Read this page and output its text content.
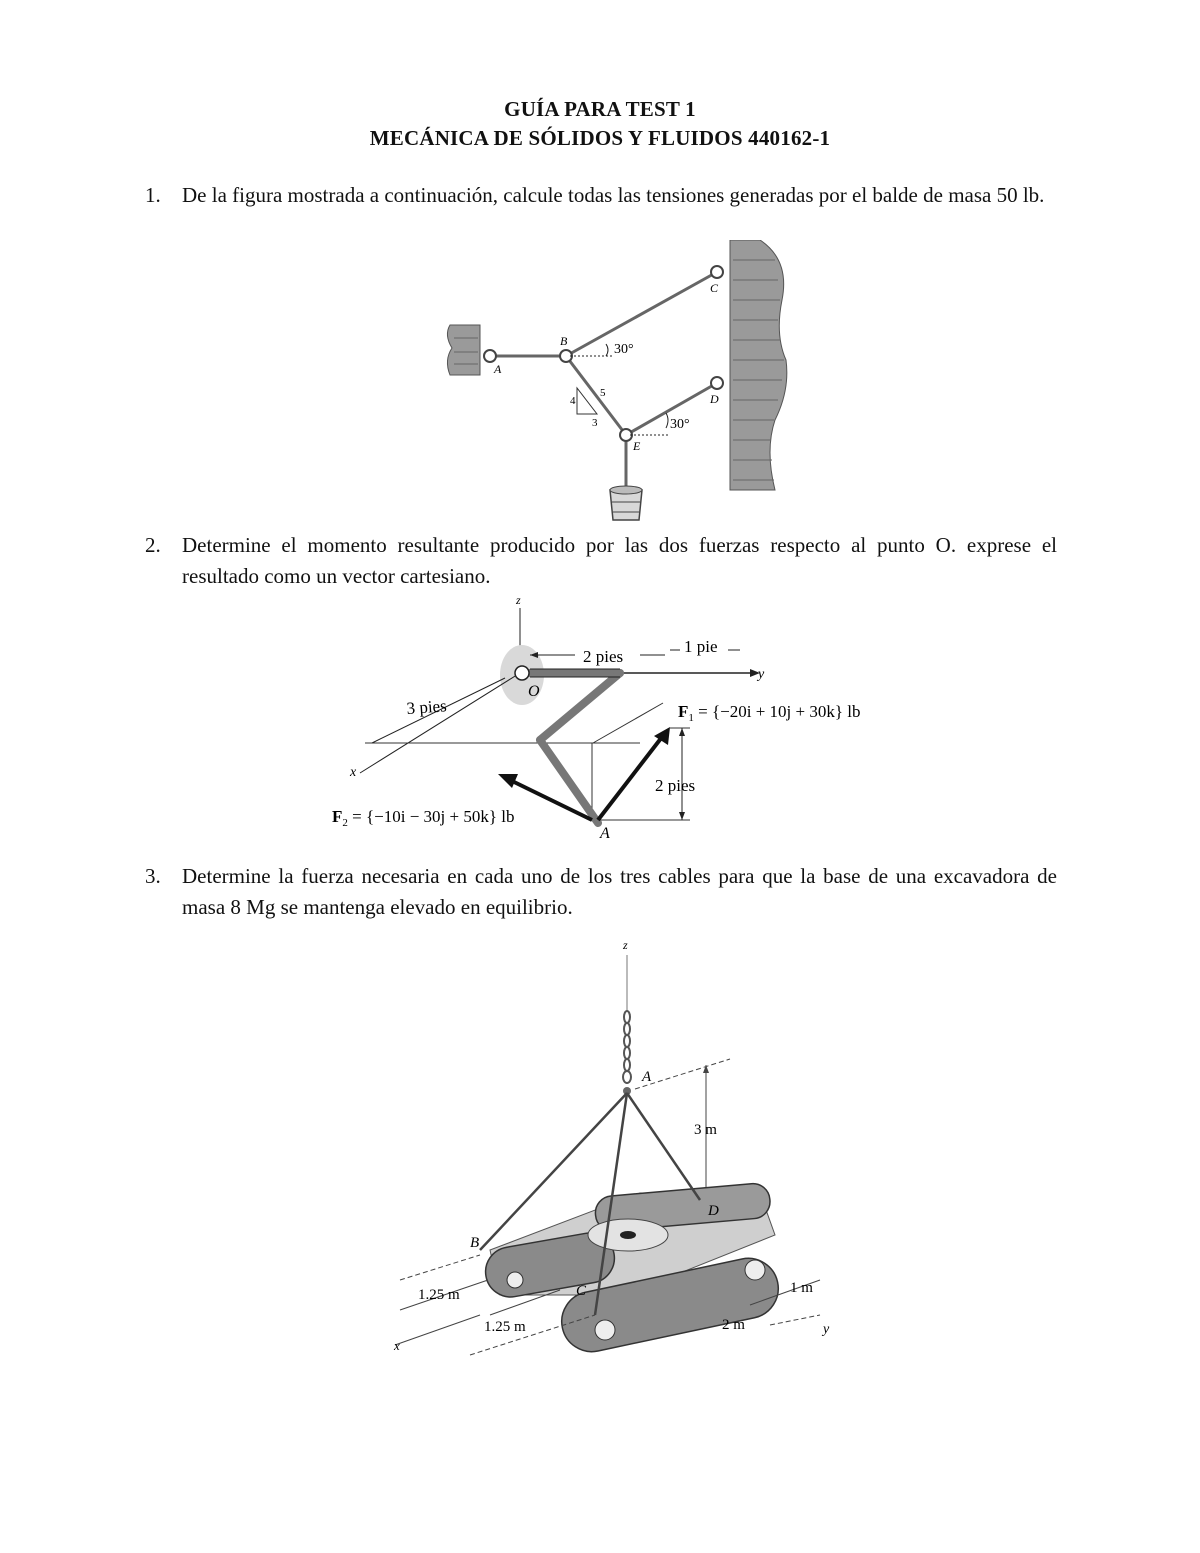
GUÍA PARA TEST 1
MECÁNICA DE SÓLIDOS Y FLUIDOS 440162-1
1. De la figura mostrada a continuación, calcule todas las tensiones generadas por el balde de masa 50 lb.
4
3
5
30°
30°
A
B
C
D
E
2. Determine el momento resultante producido por las dos fuerzas respecto al punto O. exprese el resultado como un vector cartesiano.
z
y
x
3 pies
2 pies
1 pie
O
A
2 pies
$F_1 = \{-20i + 10j + 30k\}$ lb
$F_2 = \{-10i - 30j + 50k\}$ lb
3. Determine la fuerza necesaria en cada uno de los tres cables para que la base de una excavadora de masa 8 Mg se mantenga elevado en equilibrio.
z
A
3 m
B
C
D
1.25 m
1.25 m
1 m
2 m
x
y
